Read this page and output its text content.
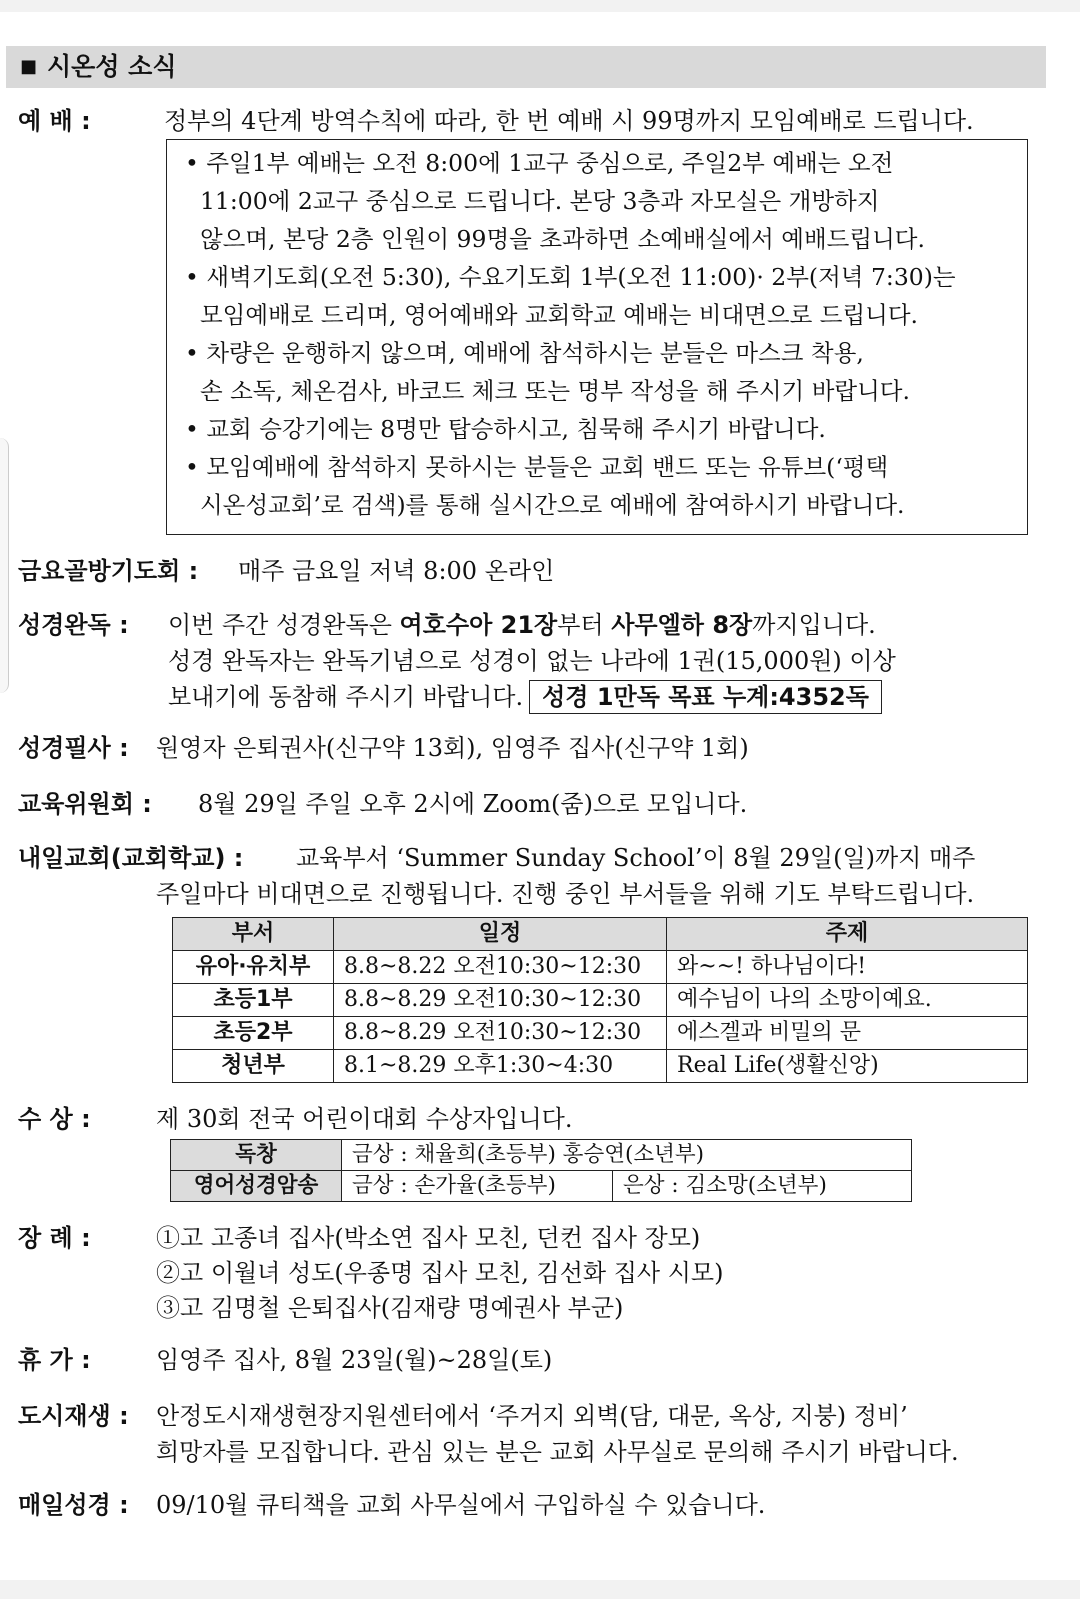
■ 시온성 소식
예 배 :	정부의 4단계 방역수칙에 따라, 한 번 예배 시 99명까지 모임예배로 드립니다.
• 주일1부 예배는 오전 8:00에 1교구 중심으로, 주일2부 예배는 오전
11:00에 2교구 중심으로 드립니다. 본당 3층과 자모실은 개방하지
않으며, 본당 2층 인원이 99명을 초과하면 소예배실에서 예배드립니다.
• 새벽기도회(오전 5:30), 수요기도회 1부(오전 11:00)· 2부(저녁 7:30)는
모임예배로 드리며, 영어예배와 교회학교 예배는 비대면으로 드립니다.
• 차량은 운행하지 않으며, 예배에 참석하시는 분들은 마스크 착용,
손 소독, 체온검사, 바코드 체크 또는 명부 작성을 해 주시기 바랍니다.
• 교회 승강기에는 8명만 탑승하시고, 침묵해 주시기 바랍니다.
• 모임예배에 참석하지 못하시는 분들은 교회 밴드 또는 유튜브(‘평택
시온성교회’로 검색)를 통해 실시간으로 예배에 참여하시기 바랍니다.
금요골방기도회 : 매주 금요일 저녁 8:00 온라인
성경완독 : 이번 주간 성경완독은 여호수아 21장부터 사무엘하 8장까지입니다.
성경 완독자는 완독기념으로 성경이 없는 나라에 1권(15,000원) 이상
보내기에 동참해 주시기 바랍니다. 성경 1만독 목표 누계:4352독
성경필사 : 원영자 은퇴권사(신구약 13회), 임영주 집사(신구약 1회)
교육위원회 : 8월 29일 주일 오후 2시에 Zoom(줌)으로 모입니다.
내일교회(교회학교) : 교육부서 ‘Summer Sunday School’이 8월 29일(일)까지 매주
주일마다 비대면으로 진행됩니다. 진행 중인 부서들을 위해 기도 부탁드립니다.
부서	일정	주제
유아·유치부	8.8~8.22 오전10:30~12:30	와~~! 하나님이다!
초등1부	8.8~8.29 오전10:30~12:30	예수님이 나의 소망이예요.
초등2부	8.8~8.29 오전10:30~12:30	에스겔과 비밀의 문
청년부	8.1~8.29 오후1:30~4:30	Real Life(생활신앙)
수 상 :	제 30회 전국 어린이대회 수상자입니다.
독창	금상 : 채율희(초등부) 홍승연(소년부)	
영어성경암송	금상 : 손가율(초등부)	은상 : 김소망(소년부)
장 례 :	①고 고종녀 집사(박소연 집사 모친, 던컨 집사 장모)
②고 이월녀 성도(우종명 집사 모친, 김선화 집사 시모)
③고 김명철 은퇴집사(김재량 명예권사 부군)
휴 가 :	임영주 집사, 8월 23일(월)~28일(토)
도시재생 : 안정도시재생현장지원센터에서 ‘주거지 외벽(담, 대문, 옥상, 지붕) 정비’
희망자를 모집합니다. 관심 있는 분은 교회 사무실로 문의해 주시기 바랍니다.
매일성경 : 09/10월 큐티책을 교회 사무실에서 구입하실 수 있습니다.
